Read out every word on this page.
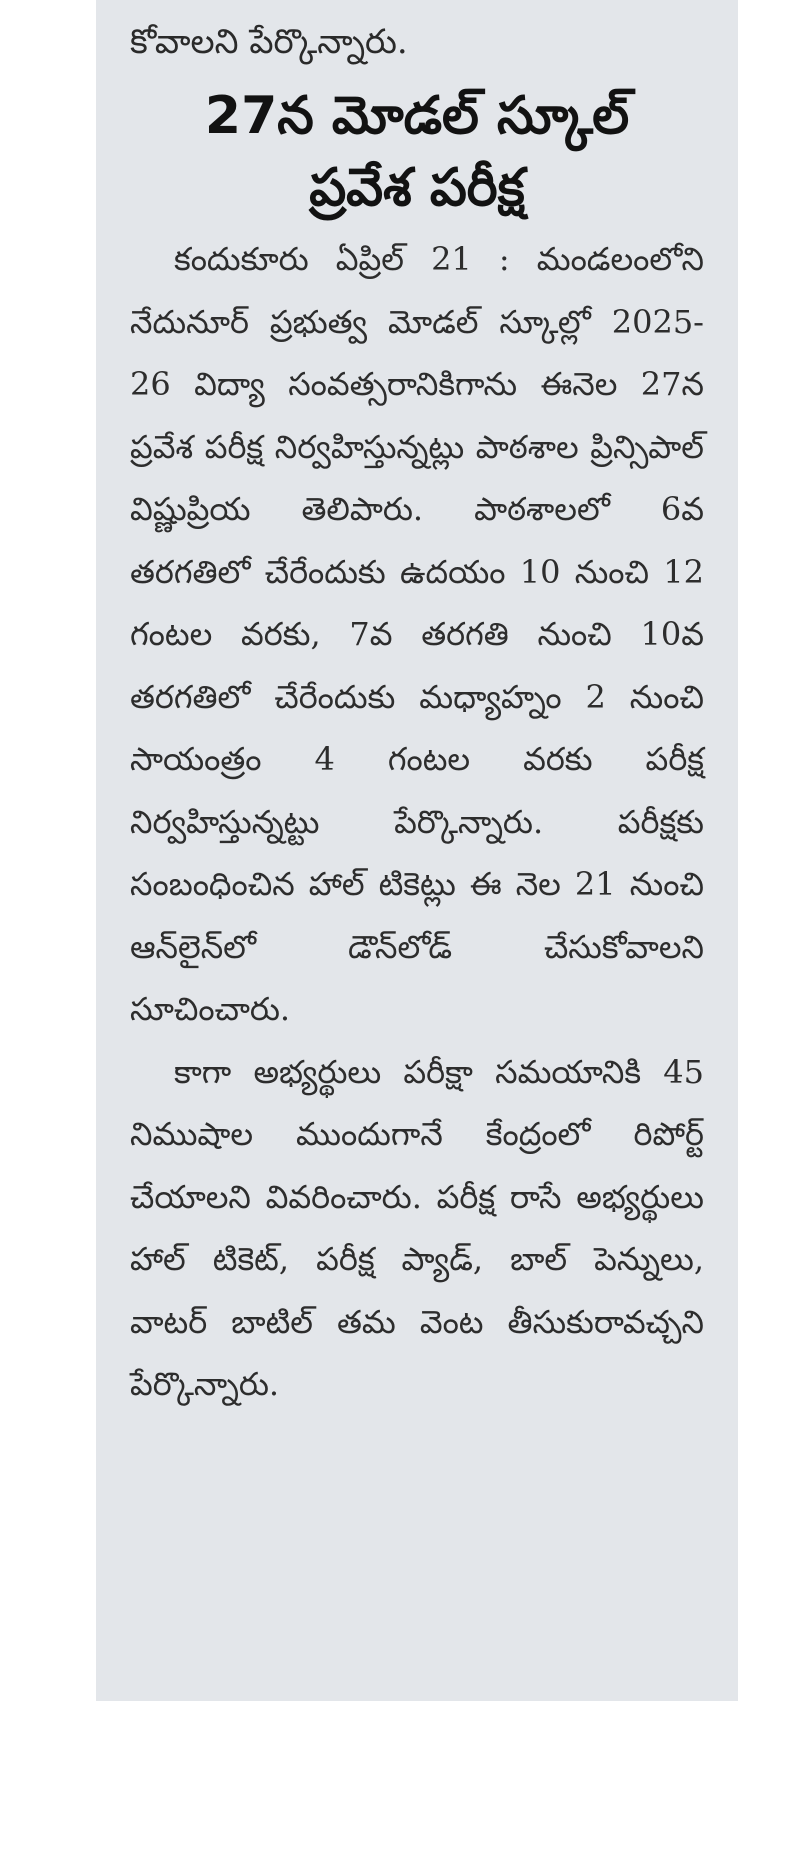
కోవాలని పేర్కొన్నారు.

27న మోడల్ స్కూల్
ప్రవేశ పరీక్ష

కందుకూరు ఏప్రిల్ 21 : మండలంలోని నేదునూర్ ప్రభుత్వ మోడల్ స్కూల్లో 2025-26 విద్యా సంవత్సరానికిగాను ఈనెల 27న ప్రవేశ పరీక్ష నిర్వహిస్తున్నట్లు పాఠశాల ప్రిన్సిపాల్ విష్ణుప్రియ తెలిపారు. పాఠశాలలో 6వ తరగతిలో చేరేందుకు ఉదయం 10 నుంచి 12 గంటల వరకు, 7వ తరగతి నుంచి 10వ తరగతిలో చేరేందుకు మధ్యాహ్నం 2 నుంచి సాయంత్రం 4 గంటల వరకు పరీక్ష నిర్వహిస్తున్నట్టు పేర్కొన్నారు. పరీక్షకు సంబంధించిన హాల్ టికెట్లు ఈ నెల 21 నుంచి ఆన్‌లైన్‌లో డౌన్‌లోడ్ చేసుకోవాలని సూచించారు.

కాగా అభ్యర్థులు పరీక్షా సమయానికి 45 నిముషాల ముందుగానే కేంద్రంలో రిపోర్ట్ చేయాలని వివరించారు. పరీక్ష రాసే అభ్యర్థులు హాల్ టికెట్, పరీక్ష ప్యాడ్, బాల్ పెన్నులు, వాటర్ బాటిల్ తమ వెంట తీసుకురావచ్చని పేర్కొన్నారు.
